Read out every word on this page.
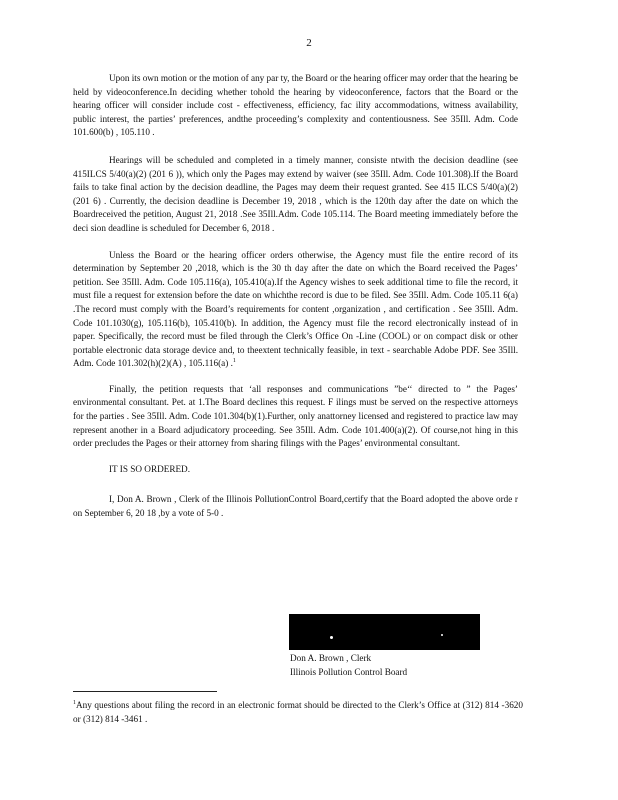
2

Upon its own motion or the motion of any par ty, the Board or the hearing officer may order that the hearing be held by videoconference.In deciding whether tohold the hearing by videoconference, factors that the Board or the hearing officer will consider include cost - effectiveness, efficiency, fac ility accommodations, witness availability, public interest, the parties’ preferences, andthe proceeding’s complexity and contentiousness. See 35Ill. Adm. Code 101.600(b) , 105.110 .

Hearings will be scheduled and completed in a timely manner, consiste ntwith the decision deadline (see 415ILCS 5/40(a)(2) (201 6 )), which only the Pages may extend by waiver (see 35Ill. Adm. Code 101.308).If the Board fails to take final action by the decision deadline, the Pages may deem their request granted. See 415 ILCS 5/40(a)(2) (201 6) . Currently, the decision deadline is December 19, 2018 , which is the 120th day after the date on which the Boardreceived the petition, August 21, 2018 .See 35Ill.Adm. Code 105.114. The Board meeting immediately before the deci sion deadline is scheduled for December 6, 2018 .

Unless the Board or the hearing officer orders otherwise, the Agency must file the entire record of its determination by September 20 ,2018, which is the 30 th day after the date on which the Board received the Pages’ petition. See 35Ill. Adm. Code 105.116(a), 105.410(a).If the Agency wishes to seek additional time to file the record, it must file a request for extension before the date on whichthe record is due to be filed. See 35Ill. Adm. Code 105.11 6(a) .The record must comply with the Board’s requirements for content ,organization , and certification . See 35Ill. Adm. Code 101.1030(g), 105.116(b), 105.410(b). In addition, the Agency must file the record electronically instead of in paper. Specifically, the record must be filed through the Clerk’s Office On -Line (COOL) or on compact disk or other portable electronic data storage device and, to theextent technically feasible, in text - searchable Adobe PDF. See 35Ill. Adm. Code 101.302(h)(2)(A) , 105.116(a) .$^1$

Finally, the petition requests that ‘all responses and communications ”be‘‘ directed to ” the Pages’ environmental consultant. Pet. at 1.The Board declines this request. F ilings must be served on the respective attorneys for the parties . See 35Ill. Adm. Code 101.304(b)(1).Further, only anattorney licensed and registered to practice law may represent another in a Board adjudicatory proceeding. See 35Ill. Adm. Code 101.400(a)(2). Of course,not hing in this order precludes the Pages or their attorney from sharing filings with the Pages’ environmental consultant.

IT IS SO ORDERED.

I, Don A. Brown , Clerk of the Illinois PollutionControl Board,certify that the Board adopted the above orde r on September 6, 20 18 ,by a vote of 5-0 .

Don A. Brown , Clerk
Illinois Pollution Control Board
$^1$Any questions about filing the record in an electronic format should be directed to the Clerk’s Office at (312) 814 -3620 or (312) 814 -3461 .
